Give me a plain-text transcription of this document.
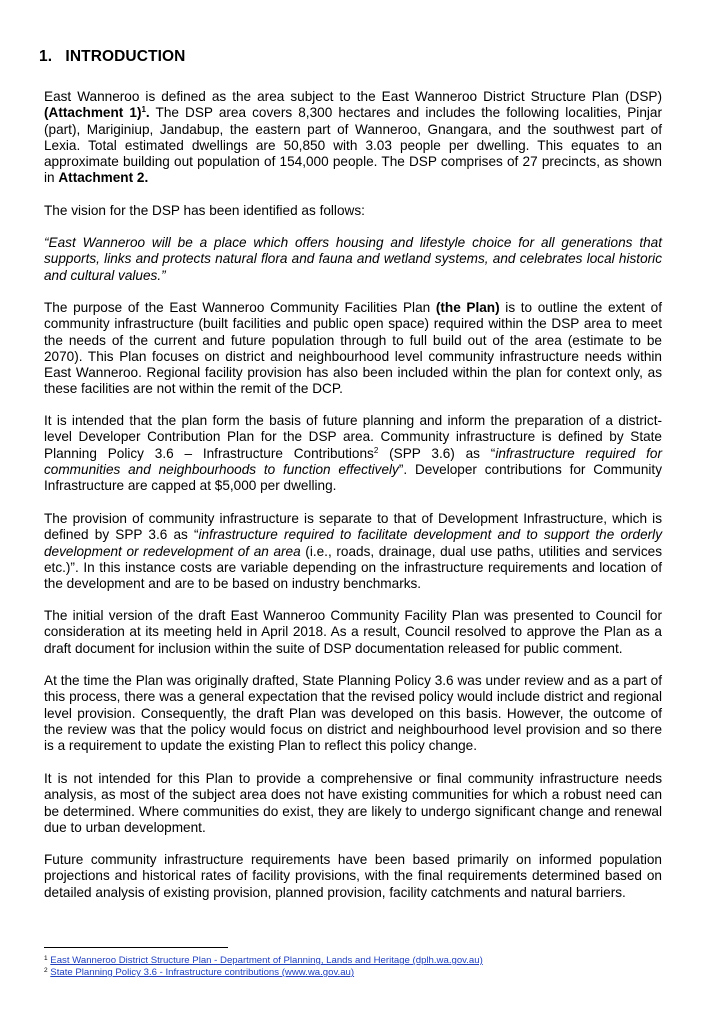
1. INTRODUCTION

East Wanneroo is defined as the area subject to the East Wanneroo District Structure Plan (DSP) (Attachment 1)$^1$. The DSP area covers 8,300 hectares and includes the following localities, Pinjar (part), Mariginiup, Jandabup, the eastern part of Wanneroo, Gnangara, and the southwest part of Lexia. Total estimated dwellings are 50,850 with 3.03 people per dwelling. This equates to an approximate building out population of 154,000 people. The DSP comprises of 27 precincts, as shown in Attachment 2.

The vision for the DSP has been identified as follows:

“East Wanneroo will be a place which offers housing and lifestyle choice for all generations that supports, links and protects natural flora and fauna and wetland systems, and celebrates local historic and cultural values.”

The purpose of the East Wanneroo Community Facilities Plan (the Plan) is to outline the extent of community infrastructure (built facilities and public open space) required within the DSP area to meet the needs of the current and future population through to full build out of the area (estimate to be 2070). This Plan focuses on district and neighbourhood level community infrastructure needs within East Wanneroo. Regional facility provision has also been included within the plan for context only, as these facilities are not within the remit of the DCP.

It is intended that the plan form the basis of future planning and inform the preparation of a district-level Developer Contribution Plan for the DSP area. Community infrastructure is defined by State Planning Policy 3.6 – Infrastructure Contributions$^2$ (SPP 3.6) as “infrastructure required for communities and neighbourhoods to function effectively”. Developer contributions for Community Infrastructure are capped at $5,000 per dwelling.

The provision of community infrastructure is separate to that of Development Infrastructure, which is defined by SPP 3.6 as “infrastructure required to facilitate development and to support the orderly development or redevelopment of an area (i.e., roads, drainage, dual use paths, utilities and services etc.)”. In this instance costs are variable depending on the infrastructure requirements and location of the development and are to be based on industry benchmarks.

The initial version of the draft East Wanneroo Community Facility Plan was presented to Council for consideration at its meeting held in April 2018. As a result, Council resolved to approve the Plan as a draft document for inclusion within the suite of DSP documentation released for public comment.

At the time the Plan was originally drafted, State Planning Policy 3.6 was under review and as a part of this process, there was a general expectation that the revised policy would include district and regional level provision. Consequently, the draft Plan was developed on this basis. However, the outcome of the review was that the policy would focus on district and neighbourhood level provision and so there is a requirement to update the existing Plan to reflect this policy change.

It is not intended for this Plan to provide a comprehensive or final community infrastructure needs analysis, as most of the subject area does not have existing communities for which a robust need can be determined. Where communities do exist, they are likely to undergo significant change and renewal due to urban development.

Future community infrastructure requirements have been based primarily on informed population projections and historical rates of facility provisions, with the final requirements determined based on detailed analysis of existing provision, planned provision, facility catchments and natural barriers.

$^1$ East Wanneroo District Structure Plan - Department of Planning, Lands and Heritage (dplh.wa.gov.au)

$^2$ State Planning Policy 3.6 - Infrastructure contributions (www.wa.gov.au)
